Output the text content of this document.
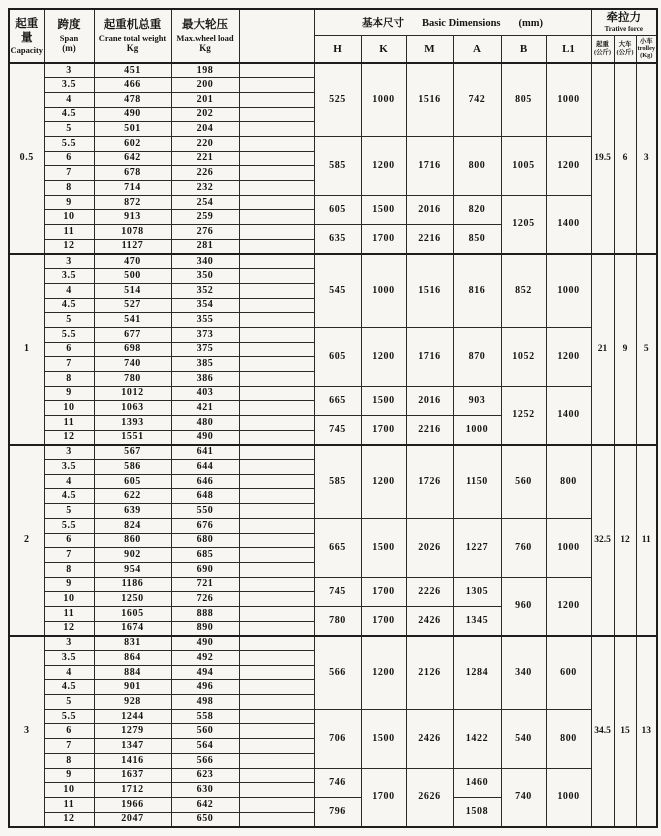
起重量
Capacity

跨度
Span
(m)

起重机总重
Crane total weight
Kg

最大轮压
Max.wheel load
Kg
		基本尺寸 Basic Dimensions (mm)	牵拉力
Trative force

H	K	M	A	B	L1	起重
(公斤)

大车
(公斤)

小车
trolley
(Kg)

0.5	3	451	198		525	1000	1516	742	805	1000	19.5	6	3
	3.5	466	200										
	4	478	201										
	4.5	490	202										
	5	501	204										
	5.5	602	220		585	1200	1716	800	1005	1200			
	6	642	221										
	7	678	226										
	8	714	232										
	9	872	254		605	1500	2016	820	1205	1400			
	10	913	259										
	11	1078	276		635	1700	2216	850					
	12	1127	281										
1	3	470	340		545	1000	1516	816	852	1000	21	9	5
	3.5	500	350										
	4	514	352										
	4.5	527	354										
	5	541	355										
	5.5	677	373		605	1200	1716	870	1052	1200			
	6	698	375										
	7	740	385										
	8	780	386										
	9	1012	403		665	1500	2016	903	1252	1400			
	10	1063	421										
	11	1393	480		745	1700	2216	1000					
	12	1551	490										
2	3	567	641		585	1200	1726	1150	560	800	32.5	12	11
	3.5	586	644										
	4	605	646										
	4.5	622	648										
	5	639	550										
	5.5	824	676		665	1500	2026	1227	760	1000			
	6	860	680										
	7	902	685										
	8	954	690										
	9	1186	721		745	1700	2226	1305	960	1200			
	10	1250	726										
	11	1605	888		780	1700	2426	1345					
	12	1674	890										
3	3	831	490		566	1200	2126	1284	340	600	34.5	15	13
	3.5	864	492										
	4	884	494										
	4.5	901	496										
	5	928	498										
	5.5	1244	558		706	1500	2426	1422	540	800			
	6	1279	560										
	7	1347	564										
	8	1416	566										
	9	1637	623		746	1700	2626	1460	740	1000			
	10	1712	630										
	11	1966	642		796			1508					
	12	2047	650										
